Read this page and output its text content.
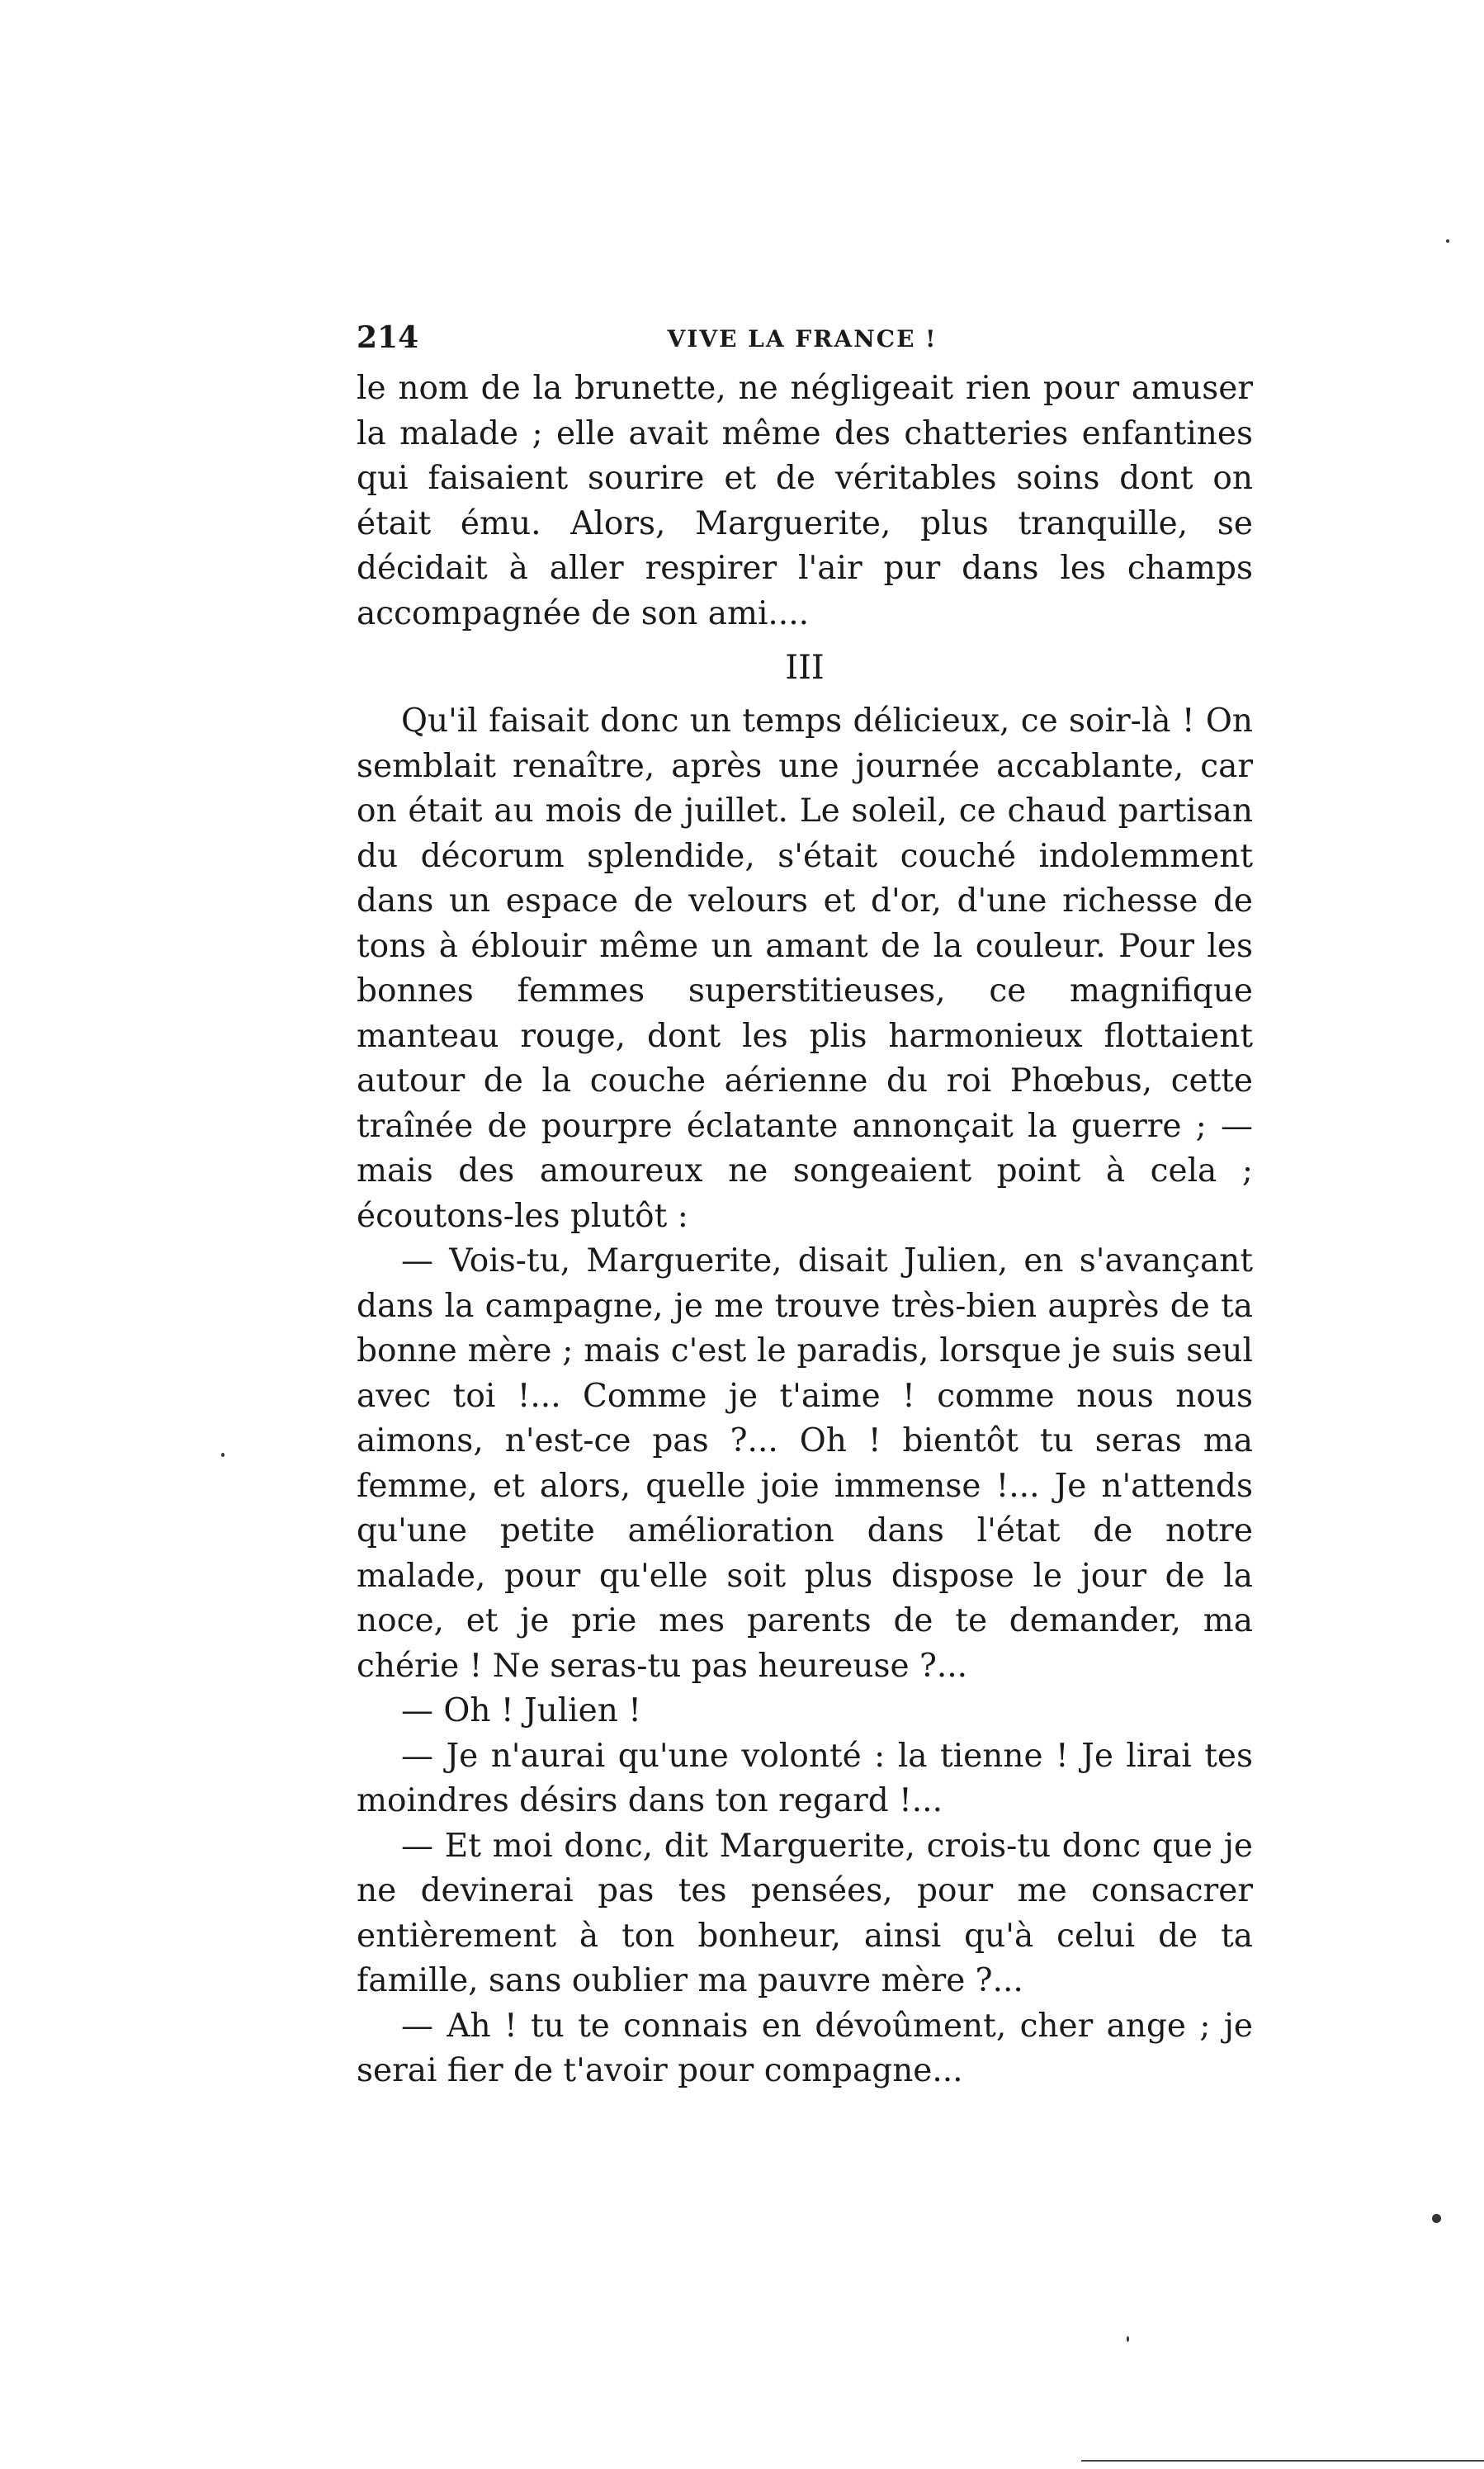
214	VIVE LA FRANCE !

le nom de la brunette, ne négligeait rien pour amuser la malade ; elle avait même des chatteries enfantines qui faisaient sourire et de véritables soins dont on était ému. Alors, Marguerite, plus tranquille, se décidait à aller respirer l'air pur dans les champs accompagnée de son ami....

III

Qu'il faisait donc un temps délicieux, ce soir-là ! On semblait renaître, après une journée accablante, car on était au mois de juillet. Le soleil, ce chaud partisan du décorum splendide, s'était couché indolemment dans un espace de velours et d'or, d'une richesse de tons à éblouir même un amant de la couleur. Pour les bonnes femmes superstitieuses, ce magnifique manteau rouge, dont les plis harmonieux flottaient autour de la couche aérienne du roi Phœbus, cette traînée de pourpre éclatante annonçait la guerre ; — mais des amoureux ne songeaient point à cela ; écoutons-les plutôt :

— Vois-tu, Marguerite, disait Julien, en s'avançant dans la campagne, je me trouve très-bien auprès de ta bonne mère ; mais c'est le paradis, lorsque je suis seul avec toi !... Comme je t'aime ! comme nous nous aimons, n'est-ce pas ?... Oh ! bientôt tu seras ma femme, et alors, quelle joie immense !... Je n'attends qu'une petite amélioration dans l'état de notre malade, pour qu'elle soit plus dispose le jour de la noce, et je prie mes parents de te demander, ma chérie ! Ne seras-tu pas heureuse ?...

— Oh ! Julien !

— Je n'aurai qu'une volonté : la tienne ! Je lirai tes moindres désirs dans ton regard !...

— Et moi donc, dit Marguerite, crois-tu donc que je ne devinerai pas tes pensées, pour me consacrer entièrement à ton bonheur, ainsi qu'à celui de ta famille, sans oublier ma pauvre mère ?...

— Ah ! tu te connais en dévoûment, cher ange ; je serai fier de t'avoir pour compagne...
